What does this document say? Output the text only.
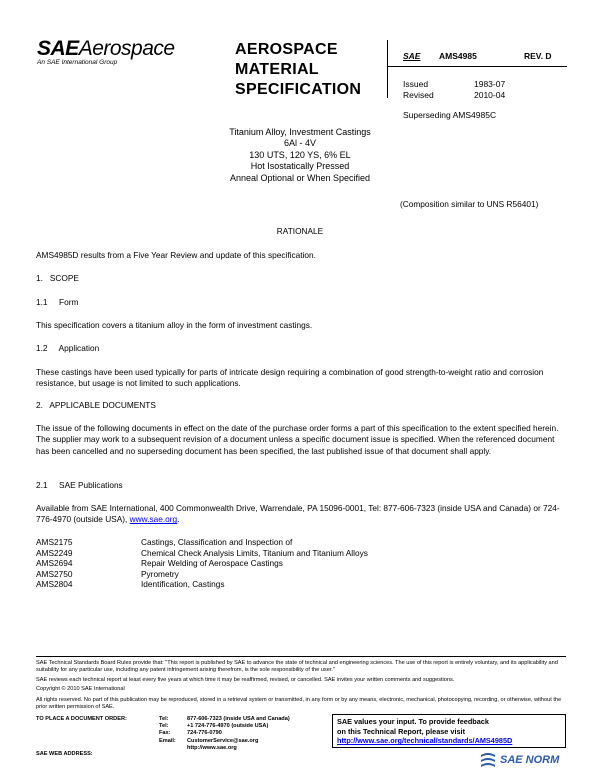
SAEAerospace
An SAE International Group
AEROSPACE
MATERIAL
SPECIFICATION
SAE AMS4985	REV. D
Issued	1983-07
Revised	2010-04
Superseding AMS4985C
Titanium Alloy, Investment Castings
6Al - 4V
130 UTS, 120 YS, 6% EL
Hot Isostatically Pressed
Anneal Optional or When Specified
(Composition similar to UNS R56401)
RATIONALE
AMS4985D results from a Five Year Review and update of this specification.
1.   SCOPE
1.1     Form
This specification covers a titanium alloy in the form of investment castings.
1.2     Application
These castings have been used typically for parts of intricate design requiring a combination of good strength-to-weight ratio and corrosion resistance, but usage is not limited to such applications.
2.   APPLICABLE DOCUMENTS
The issue of the following documents in effect on the date of the purchase order forms a part of this specification to the extent specified herein. The supplier may work to a subsequent revision of a document unless a specific document issue is specified. When the referenced document has been cancelled and no superseding document has been specified, the last published issue of that document shall apply.
2.1     SAE Publications
Available from SAE International, 400 Commonwealth Drive, Warrendale, PA 15096-0001, Tel: 877-606-7323 (inside USA and Canada) or 724-776-4970 (outside USA), www.sae.org.
AMS2175	Castings, Classification and Inspection of
AMS2249	Chemical Check Analysis Limits, Titanium and Titanium Alloys
AMS2694	Repair Welding of Aerospace Castings
AMS2750	Pyrometry
AMS2804	Identification, Castings
SAE Technical Standards Board Rules provide that: "This report is published by SAE to advance the state of technical and engineering sciences. The use of this report is entirely voluntary, and its applicability and suitability for any particular use, including any patent infringement arising therefrom, is the sole responsibility of the user."
SAE reviews each technical report at least every five years at which time it may be reaffirmed, revised, or cancelled. SAE invites your written comments and suggestions.
Copyright © 2010 SAE International
All rights reserved. No part of this publication may be reproduced, stored in a retrieval system or transmitted, in any form or by any means, electronic, mechanical, photocopying, recording, or otherwise, without the prior written permission of SAE.
TO PLACE A DOCUMENT ORDER:
SAE WEB ADDRESS:
Tel:	877-606-7323 (inside USA and Canada)
Tel:	+1 724-776-4970 (outside USA)
Fax:	724-776-0790
Email: CustomerService@sae.org
http://www.sae.org
SAE values your input. To provide feedback
on this Technical Report, please visit
http://www.sae.org/technical/standards/AMS4985D
SAE NORM
